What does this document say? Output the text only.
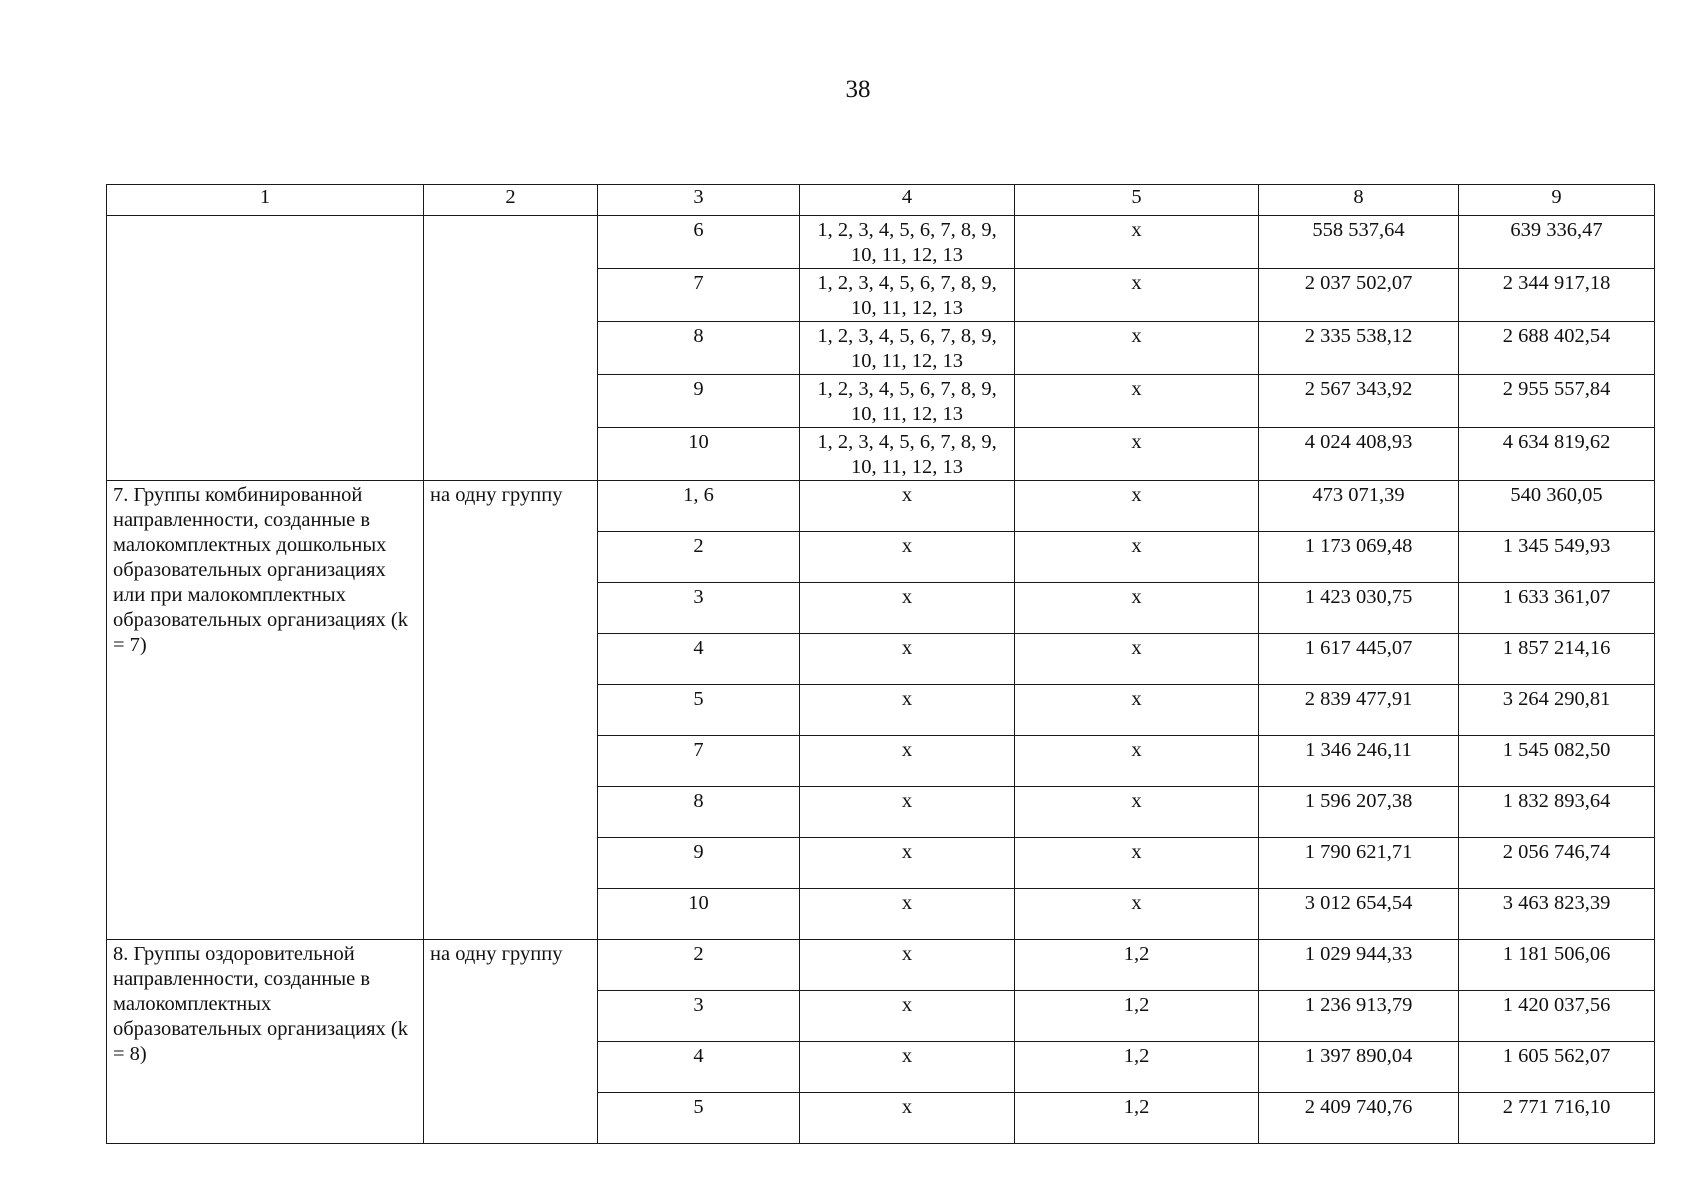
38
1	2	3	4	5	8	9
		6	1, 2, 3, 4, 5, 6, 7, 8, 9, 10, 11, 12, 13	x	558 537,64	639 336,47
		7	1, 2, 3, 4, 5, 6, 7, 8, 9, 10, 11, 12, 13	x	2 037 502,07	2 344 917,18
		8	1, 2, 3, 4, 5, 6, 7, 8, 9, 10, 11, 12, 13	x	2 335 538,12	2 688 402,54
		9	1, 2, 3, 4, 5, 6, 7, 8, 9, 10, 11, 12, 13	x	2 567 343,92	2 955 557,84
		10	1, 2, 3, 4, 5, 6, 7, 8, 9, 10, 11, 12, 13	x	4 024 408,93	4 634 819,62
7. Группы комбинированной направленности, созданные в малокомплектных дошкольных образовательных организациях или при малокомплектных образовательных организациях (k = 7)	на одну группу	1, 6	x	x	473 071,39	540 360,05
		2	x	x	1 173 069,48	1 345 549,93
		3	x	x	1 423 030,75	1 633 361,07
		4	x	x	1 617 445,07	1 857 214,16
		5	x	x	2 839 477,91	3 264 290,81
		7	x	x	1 346 246,11	1 545 082,50
		8	x	x	1 596 207,38	1 832 893,64
		9	x	x	1 790 621,71	2 056 746,74
		10	x	x	3 012 654,54	3 463 823,39
8. Группы оздоровительной направленности, созданные в малокомплектных образовательных организациях (k = 8)	на одну группу	2	x	1,2	1 029 944,33	1 181 506,06
		3	x	1,2	1 236 913,79	1 420 037,56
		4	x	1,2	1 397 890,04	1 605 562,07
		5	x	1,2	2 409 740,76	2 771 716,10
